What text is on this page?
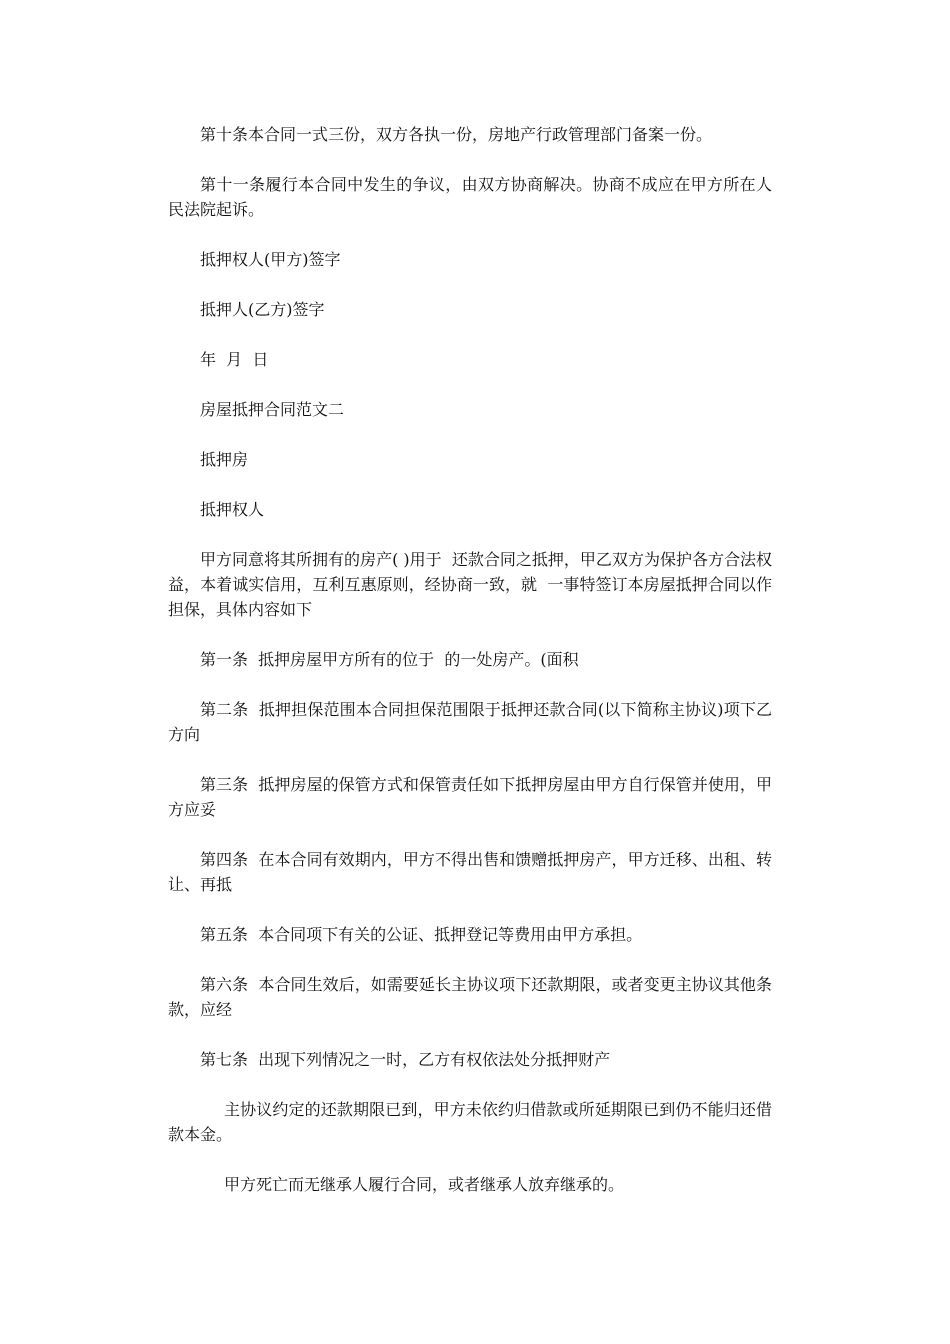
第十条本合同一式三份，双方各执一份，房地产行政管理部门备案一份。

第十一条履行本合同中发生的争议，由双方协商解决。协商不成应在甲方所在人民法院起诉。

抵押权人(甲方)签字

抵押人(乙方)签字

年  月  日

房屋抵押合同范文二

抵押房

抵押权人

甲方同意将其所拥有的房产( )用于  还款合同之抵押，甲乙双方为保护各方合法权益，本着诚实信用，互利互惠原则，经协商一致，就  一事特签订本房屋抵押合同以作担保，具体内容如下

第一条  抵押房屋甲方所有的位于  的一处房产。(面积

第二条  抵押担保范围本合同担保范围限于抵押还款合同(以下简称主协议)项下乙方向

第三条  抵押房屋的保管方式和保管责任如下抵押房屋由甲方自行保管并使用，甲方应妥

第四条  在本合同有效期内，甲方不得出售和馈赠抵押房产，甲方迁移、出租、转让、再抵

第五条  本合同项下有关的公证、抵押登记等费用由甲方承担。

第六条  本合同生效后，如需要延长主协议项下还款期限，或者变更主协议其他条款，应经

第七条  出现下列情况之一时，乙方有权依法处分抵押财产

主协议约定的还款期限已到，甲方未依约归借款或所延期限已到仍不能归还借款本金。

甲方死亡而无继承人履行合同，或者继承人放弃继承的。
